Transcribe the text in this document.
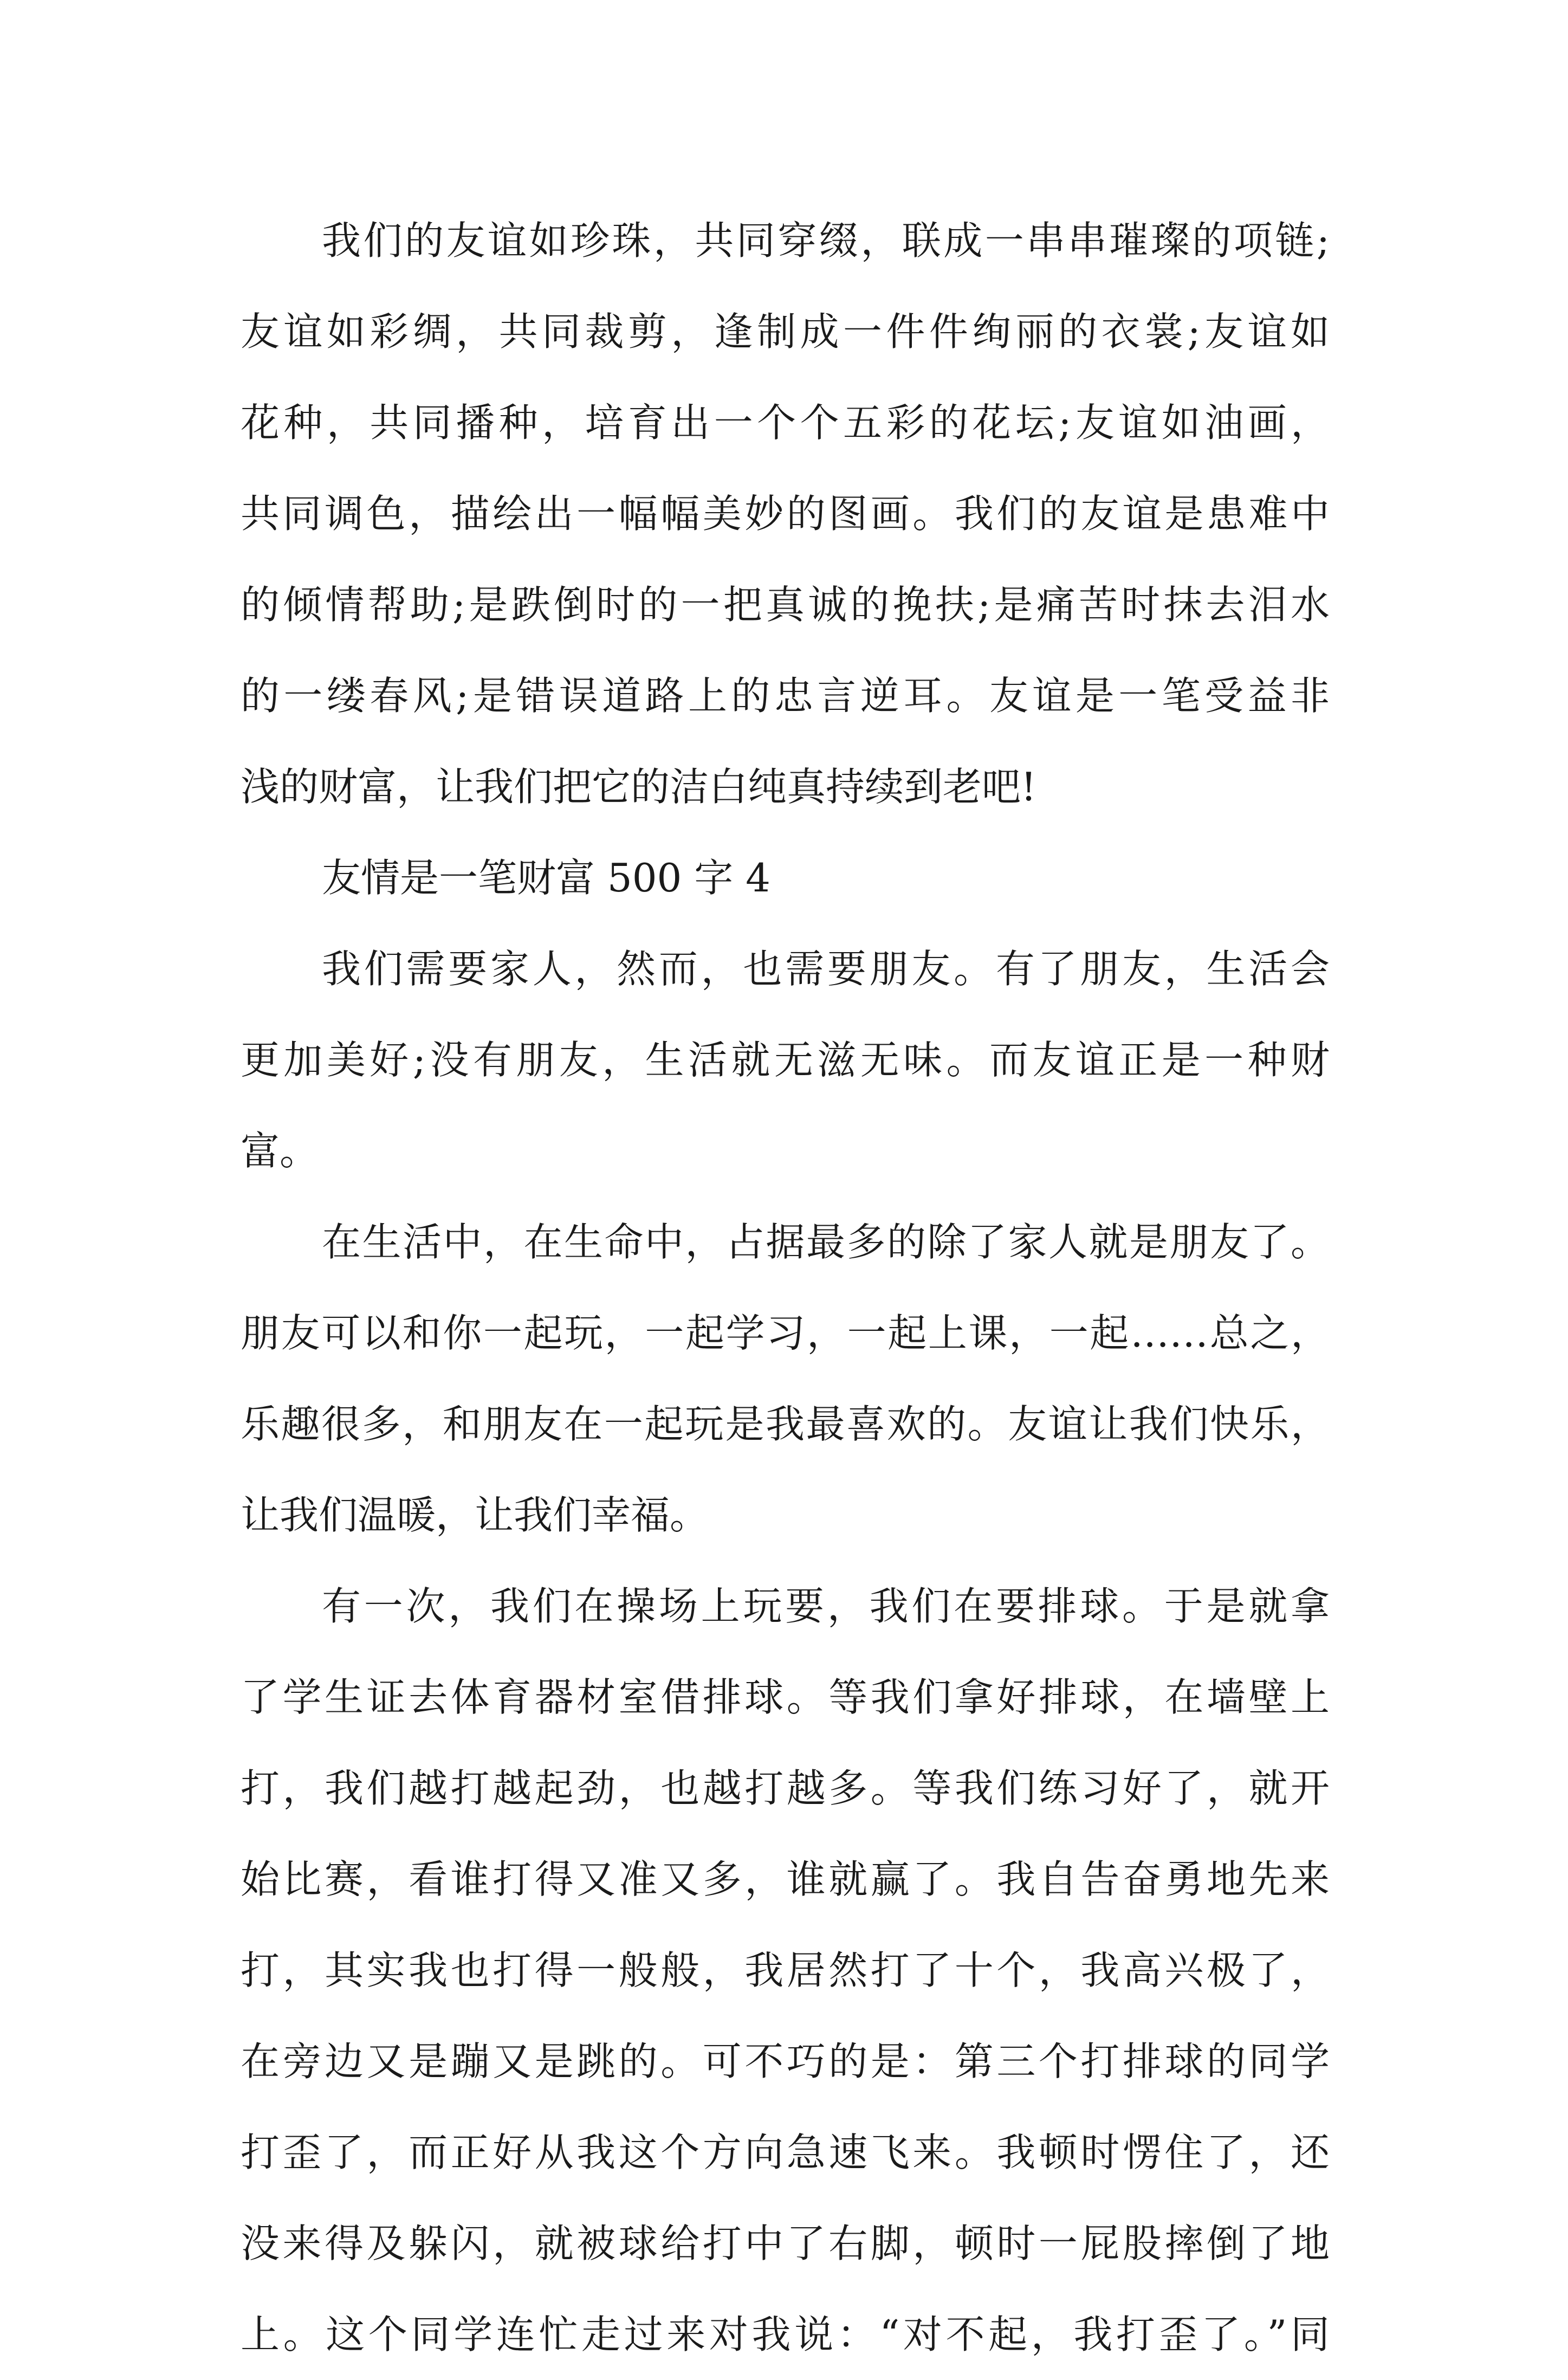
我们的友谊如珍珠，共同穿缀，联成一串串璀璨的项链;
友谊如彩绸，共同裁剪，逢制成一件件绚丽的衣裳;友谊如
花种，共同播种，培育出一个个五彩的花坛;友谊如油画，
共同调色，描绘出一幅幅美妙的图画。我们的友谊是患难中
的倾情帮助;是跌倒时的一把真诚的挽扶;是痛苦时抹去泪水
的一缕春风;是错误道路上的忠言逆耳。友谊是一笔受益非
浅的财富，让我们把它的洁白纯真持续到老吧!
友情是一笔财富 500 字 4
我们需要家人，然而，也需要朋友。有了朋友，生活会
更加美好;没有朋友，生活就无滋无味。而友谊正是一种财
富。
在生活中，在生命中，占据最多的除了家人就是朋友了。
朋友可以和你一起玩，一起学习，一起上课，一起……总之，
乐趣很多，和朋友在一起玩是我最喜欢的。友谊让我们快乐，
让我们温暖，让我们幸福。
有一次，我们在操场上玩要，我们在要排球。于是就拿
了学生证去体育器材室借排球。等我们拿好排球，在墙壁上
打，我们越打越起劲，也越打越多。等我们练习好了，就开
始比赛，看谁打得又准又多，谁就赢了。我自告奋勇地先来
打，其实我也打得一般般，我居然打了十个，我高兴极了，
在旁边又是蹦又是跳的。可不巧的是：第三个打排球的同学
打歪了，而正好从我这个方向急速飞来。我顿时愣住了，还
没来得及躲闪，就被球给打中了右脚，顿时一屁股摔倒了地
上。这个同学连忙走过来对我说：“对不起，我打歪了。”同
